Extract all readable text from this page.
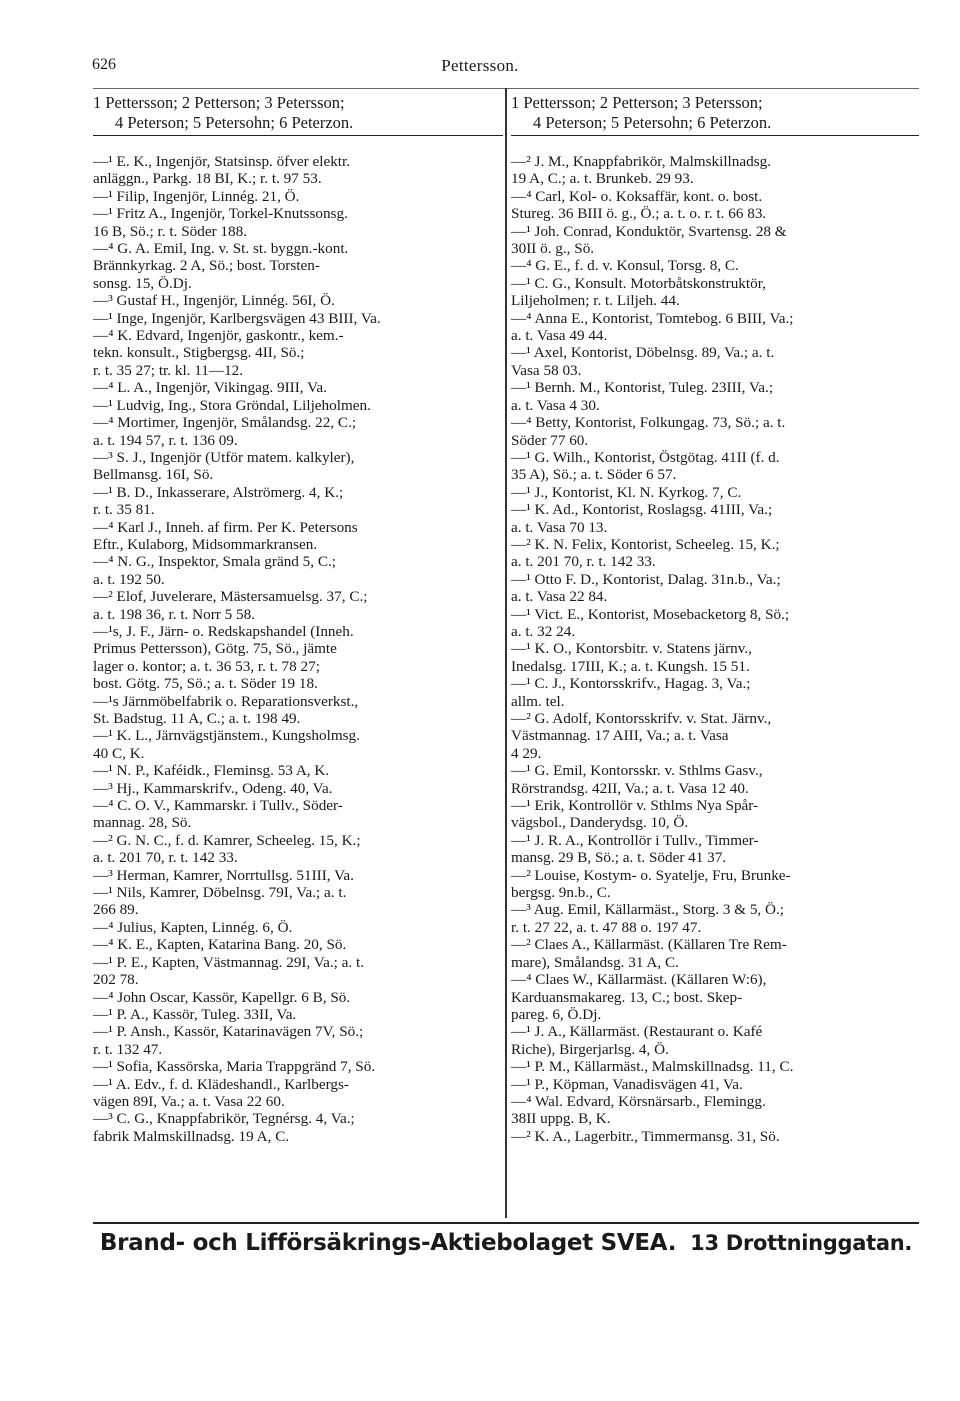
626	Pettersson.
1 Pettersson; 2 Petterson; 3 Petersson;
4 Peterson; 5 Petersohn; 6 Peterzon.
—¹ E. K., Ingenjör, Statsinsp. öfver elektr.
anläggn., Parkg. 18 BI, K.; r. t. 97 53.
—¹ Filip, Ingenjör, Linnég. 21, Ö.
—¹ Fritz A., Ingenjör, Torkel-Knutssonsg.
16 B, Sö.; r. t. Söder 188.
—⁴ G. A. Emil, Ing. v. St. st. byggn.-kont.
Brännkyrkag. 2 A, Sö.; bost. Torsten-
sonsg. 15, Ö.Dj.
—³ Gustaf H., Ingenjör, Linnég. 56I, Ö.
—¹ Inge, Ingenjör, Karlbergsvägen 43 BIII, Va.
—⁴ K. Edvard, Ingenjör, gaskontr., kem.-
tekn. konsult., Stigbergsg. 4II, Sö.;
r. t. 35 27; tr. kl. 11—12.
—⁴ L. A., Ingenjör, Vikingag. 9III, Va.
—¹ Ludvig, Ing., Stora Gröndal, Liljeholmen.
—⁴ Mortimer, Ingenjör, Smålandsg. 22, C.;
a. t. 194 57, r. t. 136 09.
—³ S. J., Ingenjör (Utför matem. kalkyler),
Bellmansg. 16I, Sö.
—¹ B. D., Inkasserare, Alströmerg. 4, K.;
r. t. 35 81.
—⁴ Karl J., Inneh. af firm. Per K. Petersons
Eftr., Kulaborg, Midsommarkransen.
—⁴ N. G., Inspektor, Smala gränd 5, C.;
a. t. 192 50.
—² Elof, Juvelerare, Mästersamuelsg. 37, C.;
a. t. 198 36, r. t. Norr 5 58.
—¹s, J. F., Järn- o. Redskapshandel (Inneh.
Primus Pettersson), Götg. 75, Sö., jämte
lager o. kontor; a. t. 36 53, r. t. 78 27;
bost. Götg. 75, Sö.; a. t. Söder 19 18.
—¹s Järnmöbelfabrik o. Reparationsverkst.,
St. Badstug. 11 A, C.; a. t. 198 49.
—¹ K. L., Järnvägstjänstem., Kungsholmsg.
40 C, K.
—¹ N. P., Kaféidk., Fleminsg. 53 A, K.
—³ Hj., Kammarskrifv., Odeng. 40, Va.
—⁴ C. O. V., Kammarskr. i Tullv., Söder-
mannag. 28, Sö.
—² G. N. C., f. d. Kamrer, Scheeleg. 15, K.;
a. t. 201 70, r. t. 142 33.
—³ Herman, Kamrer, Norrtullsg. 51III, Va.
—¹ Nils, Kamrer, Döbelnsg. 79I, Va.; a. t.
266 89.
—⁴ Julius, Kapten, Linnég. 6, Ö.
—⁴ K. E., Kapten, Katarina Bang. 20, Sö.
—¹ P. E., Kapten, Västmannag. 29I, Va.; a. t.
202 78.
—⁴ John Oscar, Kassör, Kapellgr. 6 B, Sö.
—¹ P. A., Kassör, Tuleg. 33II, Va.
—¹ P. Ansh., Kassör, Katarinavägen 7V, Sö.;
r. t. 132 47.
—¹ Sofia, Kassörska, Maria Trappgränd 7, Sö.
—¹ A. Edv., f. d. Klädeshandl., Karlbergs-
vägen 89I, Va.; a. t. Vasa 22 60.
—³ C. G., Knappfabrikör, Tegnérsg. 4, Va.;
fabrik Malmskillnadsg. 19 A, C.
1 Pettersson; 2 Petterson; 3 Petersson;
4 Peterson; 5 Petersohn; 6 Peterzon.
—² J. M., Knappfabrikör, Malmskillnadsg.
19 A, C.; a. t. Brunkeb. 29 93.
—⁴ Carl, Kol- o. Koksaffär, kont. o. bost.
Stureg. 36 BIII ö. g., Ö.; a. t. o. r. t. 66 83.
—¹ Joh. Conrad, Konduktör, Svartensg. 28 &
30II ö. g., Sö.
—⁴ G. E., f. d. v. Konsul, Torsg. 8, C.
—¹ C. G., Konsult. Motorbåtskonstruktör,
Liljeholmen; r. t. Liljeh. 44.
—⁴ Anna E., Kontorist, Tomtebog. 6 BIII, Va.;
a. t. Vasa 49 44.
—¹ Axel, Kontorist, Döbelnsg. 89, Va.; a. t.
Vasa 58 03.
—¹ Bernh. M., Kontorist, Tuleg. 23III, Va.;
a. t. Vasa 4 30.
—⁴ Betty, Kontorist, Folkungag. 73, Sö.; a. t.
Söder 77 60.
—¹ G. Wilh., Kontorist, Östgötag. 41II (f. d.
35 A), Sö.; a. t. Söder 6 57.
—¹ J., Kontorist, Kl. N. Kyrkog. 7, C.
—¹ K. Ad., Kontorist, Roslagsg. 41III, Va.;
a. t. Vasa 70 13.
—² K. N. Felix, Kontorist, Scheeleg. 15, K.;
a. t. 201 70, r. t. 142 33.
—¹ Otto F. D., Kontorist, Dalag. 31n.b., Va.;
a. t. Vasa 22 84.
—¹ Vict. E., Kontorist, Mosebacketorg 8, Sö.;
a. t. 32 24.
—¹ K. O., Kontorsbitr. v. Statens järnv.,
Inedalsg. 17III, K.; a. t. Kungsh. 15 51.
—¹ C. J., Kontorsskrifv., Hagag. 3, Va.;
allm. tel.
—² G. Adolf, Kontorsskrifv. v. Stat. Järnv.,
Västmannag. 17 AIII, Va.; a. t. Vasa
4 29.
—¹ G. Emil, Kontorsskr. v. Sthlms Gasv.,
Rörstrandsg. 42II, Va.; a. t. Vasa 12 40.
—¹ Erik, Kontrollör v. Sthlms Nya Spår-
vägsbol., Danderydsg. 10, Ö.
—¹ J. R. A., Kontrollör i Tullv., Timmer-
mansg. 29 B, Sö.; a. t. Söder 41 37.
—² Louise, Kostym- o. Syatelje, Fru, Brunke-
bergsg. 9n.b., C.
—³ Aug. Emil, Källarmäst., Storg. 3 & 5, Ö.;
r. t. 27 22, a. t. 47 88 o. 197 47.
—² Claes A., Källarmäst. (Källaren Tre Rem-
mare), Smålandsg. 31 A, C.
—⁴ Claes W., Källarmäst. (Källaren W:6),
Karduansmakareg. 13, C.; bost. Skep-
pareg. 6, Ö.Dj.
—¹ J. A., Källarmäst. (Restaurant o. Kafé
Riche), Birgerjarlsg. 4, Ö.
—¹ P. M., Källarmäst., Malmskillnadsg. 11, C.
—¹ P., Köpman, Vanadisvägen 41, Va.
—⁴ Wal. Edvard, Körsnärsarb., Flemingg.
38II uppg. B, K.
—² K. A., Lagerbitr., Timmermansg. 31, Sö.
Brand- och Lifförsäkrings-Aktiebolaget SVEA. 13 Drottninggatan.
